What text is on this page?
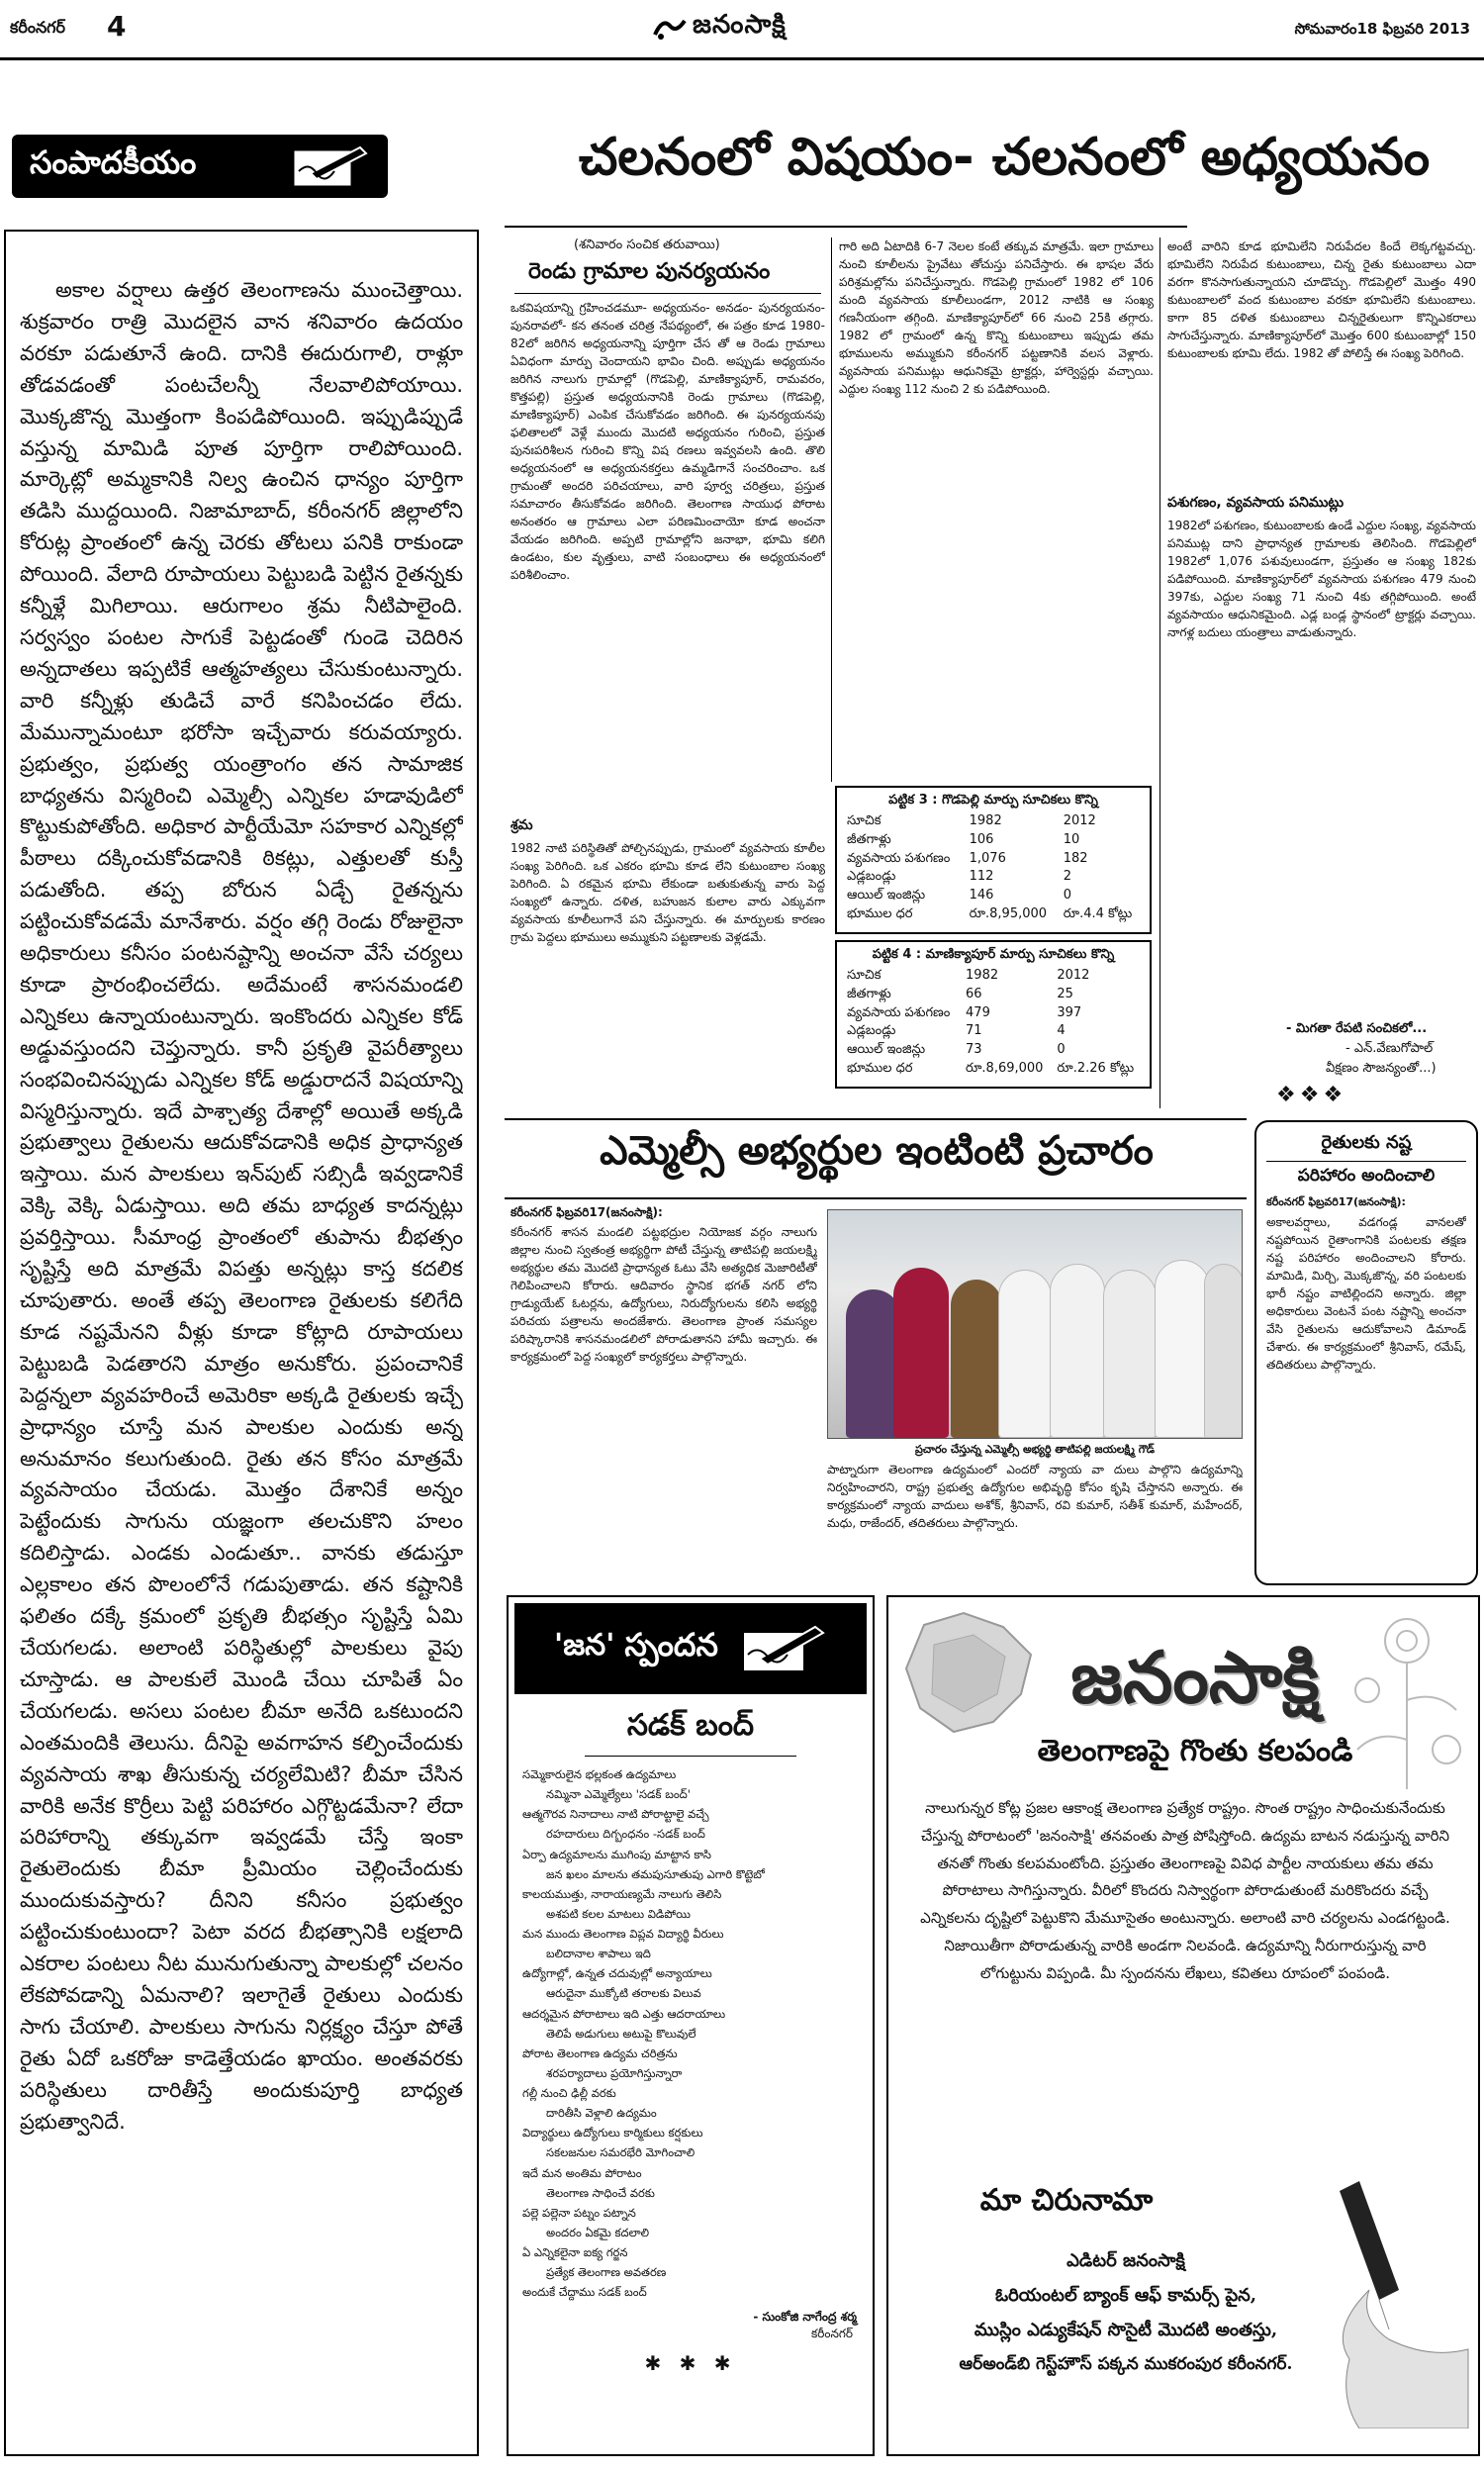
కరీంనగర్ 4	జనంసాక్షి	సోమవారం18 ఫిబ్రవరి 2013
సంపాదకీయం
అకాల వర్షాలు ఉత్తర తెలంగాణను ముంచెత్తాయి. శుక్రవారం రాత్రి మొదలైన వాన శనివారం ఉదయం వరకూ పడుతూనే ఉంది. దానికి ఈదురుగాలి, రాళ్లూ తోడవడంతో పంటచేలన్నీ నేలవాలిపోయాయి. మొక్కజొన్న మొత్తంగా కింపడిపోయింది. ఇప్పుడిప్పుడే వస్తున్న మామిడి పూత పూర్తిగా రాలిపోయింది. మార్కెట్లో అమ్మకానికి నిల్వ ఉంచిన ధాన్యం పూర్తిగా తడిసి ముద్దయింది. నిజామాబాద్‌, కరీంనగర్‌ జిల్లాలోని కోరుట్ల ప్రాంతంలో ఉన్న చెరకు తోటలు పనికి రాకుండా పోయింది. వేలాది రూపాయలు పెట్టుబడి పెట్టిన రైతన్నకు కన్నీళ్లే మిగిలాయి. ఆరుగాలం శ్రమ నీటిపాలైంది. సర్వస్వం పంటల సాగుకే పెట్టడంతో గుండె చెదిరిన అన్నదాతలు ఇప్పటికే ఆత్మహత్యలు చేసుకుంటున్నారు. వారి కన్నీళ్లు తుడిచే వారే కనిపించడం లేదు. మేమున్నామంటూ భరోసా ఇచ్చేవారు కరువయ్యారు. ప్రభుత్వం, ప్రభుత్వ యంత్రాంగం తన సామాజిక బాధ్యతను విస్మరించి ఎమ్మెల్సీ ఎన్నికల హడావుడిలో కొట్టుకుపోతోంది. అధికార పార్టీయేమో సహకార ఎన్నికల్లో పీఠాలు దక్కించుకోవడానికి ఠికట్లు, ఎత్తులతో కుస్తీ పడుతోంది. తప్ప బోరున ఏడ్చే రైతన్నను పట్టించుకోవడమే మానేశారు. వర్షం తగ్గి రెండు రోజులైనా అధికారులు కనీసం పంటనష్టాన్ని అంచనా వేసే చర్యలు కూడా ప్రారంభించలేదు. అదేమంటే శాసనమండలి ఎన్నికలు ఉన్నాయంటున్నారు. ఇంకొందరు ఎన్నికల కోడ్‌ అడ్డువస్తుందని చెప్తున్నారు. కానీ ప్రకృతి వైపరీత్యాలు సంభవించినప్పుడు ఎన్నికల కోడ్‌ అడ్డురాదనే విషయాన్ని విస్మరిస్తున్నారు. ఇదే పాశ్చాత్య దేశాల్లో అయితే అక్కడి ప్రభుత్వాలు రైతులను ఆదుకోవడానికి అధిక ప్రాధాన్యత ఇస్తాయి. మన పాలకులు ఇన్‌పుట్‌ సబ్సిడీ ఇవ్వడానికే వెక్కి వెక్కి ఏడుస్తాయి. అది తమ బాధ్యత కాదన్నట్లు ప్రవర్తిస్తాయి. సీమాంధ్ర ప్రాంతంలో తుపాను బీభత్సం సృష్టిస్తే అది మాత్రమే విపత్తు అన్నట్లు కాస్త కదలిక చూపుతారు. అంతే తప్ప తెలంగాణ రైతులకు కలిగేది కూడ నష్టమేనని వీళ్లు కూడా కోట్లాది రూపాయలు పెట్టుబడి పెడతారని మాత్రం అనుకోరు. ప్రపంచానికే పెద్దన్నలా వ్యవహరించే అమెరికా అక్కడి రైతులకు ఇచ్చే ప్రాధాన్యం చూస్తే మన పాలకుల ఎందుకు అన్న అనుమానం కలుగుతుంది. రైతు తన కోసం మాత్రమే వ్యవసాయం చేయడు. మొత్తం దేశానికే అన్నం పెట్టేందుకు సాగును యజ్ఞంగా తలచుకొని హలం కదిలిస్తాడు. ఎండకు ఎండుతూ.. వానకు తడుస్తూ ఎల్లకాలం తన పొలంలోనే గడుపుతాడు. తన కష్టానికి ఫలితం దక్కే క్రమంలో ప్రకృతి బీభత్సం సృష్టిస్తే ఏమి చేయగలడు. అలాంటి పరిస్థితుల్లో పాలకులు వైపు చూస్తాడు. ఆ పాలకులే మొండి చేయి చూపితే ఏం చేయగలడు. అసలు పంటల బీమా అనేది ఒకటుందని ఎంతమందికి తెలుసు. దీనిపై అవగాహన కల్పించేందుకు వ్యవసాయ శాఖ తీసుకున్న చర్యలేమిటి? బీమా చేసిన వారికి అనేక కొర్రీలు పెట్టి పరిహారం ఎగ్గొట్టడమేనా? లేదా పరిహారాన్ని తక్కువగా ఇవ్వడమే చేస్తే ఇంకా రైతులెందుకు బీమా ప్రీమియం చెల్లించేందుకు ముందుకువస్తారు? దీనిని కనీసం ప్రభుత్వం పట్టించుకుంటుందా? పెటా వరద బీభత్సానికి లక్షలాది ఎకరాల పంటలు నీట మునుగుతున్నా పాలకుల్లో చలనం లేకపోవడాన్ని ఏమనాలి? ఇలాగైతే రైతులు ఎందుకు సాగు చేయాలి. పాలకులు సాగును నిర్లక్ష్యం చేస్తూ పోతే రైతు ఏదో ఒకరోజు కాడెత్తేయడం ఖాయం. అంతవరకు పరిస్థితులు దారితీస్తే అందుకుపూర్తి బాధ్యత ప్రభుత్వానిదే.
చలనంలో విషయం- చలనంలో అధ్యయనం
(శనివారం సంచిక తరువాయి)
రెండు గ్రామాల పునర్యయనం
ఒకవిషయాన్ని గ్రహించడమూ- అధ్యయనం- అనడం- పునర్యయనం- పునరావలో- కన తనంత చరిత్ర నేపథ్యంలో, ఈ పత్రం కూడ 1980-82లో జరిగిన అధ్యయనాన్ని పూర్తిగా చేస తో ఆ రెండు గ్రామాలు ఏవిధంగా మార్పు చెందాయని భావిం చింది. అప్పుడు అధ్యయనం జరిగిన నాలుగు గ్రామాల్లో (గొడపెల్లి, మాణిక్యాపూర్‌, రామవరం, కొత్తపల్లి) ప్రస్తుత అధ్యయనానికి రెండు గ్రామాలు (గొడపెల్లి, మాణిక్యాపూర్‌) ఎంపిక చేసుకోవడం జరిగింది. ఈ పునర్యయనపు ఫలితాలలో వెళ్లే ముందు మొదటి అధ్యయనం గురించి, ప్రస్తుత పునఃపరిశీలన గురించి కొన్ని విష రణలు ఇవ్వవలసి ఉంది. తొలి అధ్యయనంలో ఆ అధ్యయనకర్తలు ఉమ్మడిగానే సంచరించాం. ఒక గ్రామంతో అందరి పరిచయాలు, వారి పూర్వ చరిత్రలు, ప్రస్తుత సమాచారం తీసుకోవడం జరిగింది. తెలంగాణ సాయుధ పోరాట అనంతరం ఆ గ్రామాలు ఎలా పరిణమించాయో కూడ అంచనా వేయడం జరిగింది. అప్పటి గ్రామాల్లోని జనాభా, భూమి కలిగి ఉండటం, కుల వృత్తులు, వాటి సంబంధాలు ఈ అధ్యయనంలో పరిశీలించాం.
శ్రమ
1982 నాటి పరిస్థితితో పోల్చినప్పుడు, గ్రామంలో వ్యవసాయ కూలీల సంఖ్య పెరిగింది. ఒక ఎకరం భూమి కూడ లేని కుటుంబాల సంఖ్య పెరిగింది. ఏ రకమైన భూమి లేకుండా బతుకుతున్న వారు పెద్ద సంఖ్యలో ఉన్నారు. దళిత, బహుజన కులాల వారు ఎక్కువగా వ్యవసాయ కూలీలుగానే పని చేస్తున్నారు. ఈ మార్పులకు కారణం గ్రామ పెద్దలు భూములు అమ్ముకుని పట్టణాలకు వెళ్లడమే.
గారి అది ఏటాదికి 6-7 నెలల కంటే తక్కువ మాత్రమే. ఇలా గ్రామాలు నుంచి కూలీలను ప్రైవేటు తోచుస్తు పనిచేస్తారు. ఈ భాషల వేరు పరిశ్రమల్లోను పనిచేస్తున్నారు. గొడపెల్లి గ్రామంలో 1982 లో 106 మంది వ్యవసాయ కూలీలుండగా, 2012 నాటికి ఆ సంఖ్య గణనీయంగా తగ్గింది. మాణిక్యాపూర్‌లో 66 నుంచి 25కి తగ్గారు. 1982 లో గ్రామంలో ఉన్న కొన్ని కుటుంబాలు ఇప్పుడు తమ భూములను అమ్ముకుని కరీంనగర్‌ పట్టణానికి వలస వెళ్లారు. వ్యవసాయ పనిముట్లు ఆధునికమై ట్రాక్టర్లు, హార్వెస్టర్లు వచ్చాయి. ఎద్దుల సంఖ్య 112 నుంచి 2 కు పడిపోయింది.
అంటే వారిని కూడ భూమిలేని నిరుపేదల కిందే లెక్కగట్టవచ్చు. భూమిలేని నిరుపేద కుటుంబాలు, చిన్న రైతు కుటుంబాలు ఎదా వరగా కొనసాగుతున్నాయని చూడొచ్చు. గొడపెల్లిలో మొత్తం 490 కుటుంబాలలో వంద కుటుంబాల వరకూ భూమిలేని కుటుంబాలు. కాగా 85 దళిత కుటుంబాలు చిన్నరైతులుగా కొన్నిఎకరాలు సాగుచేస్తున్నారు. మాణిక్యాపూర్‌లో మొత్తం 600 కుటుంబాల్లో 150 కుటుంబాలకు భూమి లేదు. 1982 తో పోలిస్తే ఈ సంఖ్య పెరిగింది.
పశుగణం, వ్యవసాయ పనిముట్లు
1982లో పశుగణం, కుటుంబాలకు ఉండే ఎద్దుల సంఖ్య, వ్యవసాయ పనిముట్ల దాని ప్రాధాన్యత గ్రామాలకు తెలిసింది. గొడపెల్లిలో 1982లో 1,076 పశువులుండగా, ప్రస్తుతం ఆ సంఖ్య 182కు పడిపోయింది. మాణిక్యాపూర్‌లో వ్యవసాయ పశుగణం 479 నుంచి 397కు, ఎద్దుల సంఖ్య 71 నుంచి 4కు తగ్గిపోయింది. అంటే వ్యవసాయం ఆధునికమైంది. ఎడ్ల బండ్ల స్థానంలో ట్రాక్టర్లు వచ్చాయి. నాగళ్ల బదులు యంత్రాలు వాడుతున్నారు.
- మిగతా రేపటి సంచికలో...
- ఎన్‌.వేణుగోపాల్‌
వీక్షణం సౌజన్యంతో...)
❖❖❖
పట్టిక 3 : గొడపెల్లి మార్పు సూచికలు కొన్ని
సూచిక	1982	2012
జీతగాళ్లు	106	10
వ్యవసాయ పశుగణం	1,076	182
ఎడ్లబండ్లు	112	2
ఆయిల్ ఇంజిన్లు	146	0
భూముల ధర	రూ.8,95,000	రూ.4.4 కోట్లు
పట్టిక 4 : మాణిక్యాపూర్‌ మార్పు సూచికలు కొన్ని
సూచిక	1982	2012
జీతగాళ్లు	66	25
వ్యవసాయ పశుగణం	479	397
ఎడ్లబండ్లు	71	4
ఆయిల్ ఇంజిన్లు	73	0
భూముల ధర	రూ.8,69,000	రూ.2.26 కోట్లు
ఎమ్మెల్సీ అభ్యర్థుల ఇంటింటి ప్రచారం
కరీంనగర్‌ ఫిబ్రవరి17(జనంసాక్షి):
కరీంనగర్‌ శాసన మండలి పట్టభద్రుల నియోజక వర్గం నాలుగు జిల్లాల నుంచి స్వతంత్ర అభ్యర్థిగా పోటీ చేస్తున్న తాటిపల్లి జయలక్ష్మి అభ్యర్థుల తమ మొదటి ప్రాధాన్యత ఓటు వేసి అత్యధిక మెజారిటీతో గెలిపించాలని కోరారు. ఆదివారం స్థానిక భగత్‌ నగర్‌ లోని గ్రాడ్యుయేట్‌ ఓటర్లను, ఉద్యోగులు, నిరుద్యోగులను కలిసి అభ్యర్థి పరిచయ పత్రాలను అందజేశారు. తెలంగాణ ప్రాంత సమస్యల పరిష్కారానికి శాసనమండలిలో పోరాడుతానని హామీ ఇచ్చారు. ఈ కార్యక్రమంలో పెద్ద సంఖ్యలో కార్యకర్తలు పాల్గొన్నారు.
ప్రచారం చేస్తున్న ఎమ్మెల్సీ అభ్యర్థి తాటిపల్లి జయలక్ష్మి గౌడ్‌
పాట్నారుగా తెలంగాణ ఉద్యమంలో ఎందరో న్యాయ వా దులు పాల్గొని ఉద్యమాన్ని నిర్వహించారని, రాష్ట్ర ప్రభుత్వ ఉద్యోగుల అభివృద్ధి కోసం కృషి చేస్తానని అన్నారు. ఈ కార్యక్రమంలో న్యాయ వాదులు అశోక్‌, శ్రీనివాస్‌, రవి కుమార్‌, సతీశ్‌ కుమార్‌, మహేందర్‌, మధు, రాజేందర్‌, తదితరులు పాల్గొన్నారు.
రైతులకు నష్ట
పరిహారం అందించాలి
కరీంనగర్‌ ఫిబ్రవరి17(జనంసాక్షి):
అకాలవర్షాలు, వడగండ్ల వానలతో నష్టపోయిన రైతాంగానికి పంటలకు తక్షణ నష్ట పరిహారం అందించాలని కోరారు. మామిడి, మిర్చి, మొక్కజొన్న, వరి పంటలకు భారీ నష్టం వాటిల్లిందని అన్నారు. జిల్లా అధికారులు వెంటనే పంట నష్టాన్ని అంచనా వేసి రైతులను ఆదుకోవాలని డిమాండ్‌ చేశారు. ఈ కార్యక్రమంలో శ్రీనివాస్‌, రమేష్‌, తదితరులు పాల్గొన్నారు.
'జన' స్పందన
సడక్ బంద్
సమ్మెకారులైన భల్లకంత ఉద్యమాలు
నమ్మినా ఎమ్మెల్యేలు 'సడక్‌ బంద్‌'
ఆత్మగౌరవ నినాదాలు నాటి పోరాట్టాలై వచ్చే
రహదారులు దిగ్బంధనం -సడక్‌ బంద్‌
ఏర్పా ఉద్యమాలను ముగింపు మాట్టాన కాసి
జన ఖలం మాలను తమపుసూతుపు ఎగారి కొట్టెబో
కాలయముత్తు, నారాయణ్యమే నాలుగు తెలిసి
అశపటి కలల మాటలు విడిపోయి
మన ముందు తెలంగాణ విప్లవ విద్యార్థి వీరులు
బలిదానాల శాపాలు ఇది
ఉద్యోగాల్లో, ఉన్నత చదువుల్లో అన్యాయాలు
ఆరుదైనా ముక్కోటి తరాలకు విలువ
ఆదర్శమైన పోరాటాలు ఇది ఎత్తు ఆదరాయాలు
తెలిపే అడుగులు అటుపై కొలువులే
పోరాట తెలంగాణ ఉద్యమ చరిత్రను
శరపర్యాదాలు ప్రయోగిస్తున్నారా
గల్లీ నుంచి ఢిల్లీ వరకు
దారితీసి వెళ్లాలి ఉద్యమం
విద్యార్థులు ఉద్యోగులు కార్మికులు కర్షకులు
సకలజనుల సమరభేరి మోగించాలి
ఇదే మన అంతిమ పోరాటం
తెలంగాణ సాధించే వరకు
పల్లె పల్లెనా పట్నం పట్నాన
అందరం ఏకమై కదలాలి
ఏ ఎన్నికలైనా ఐక్య గర్జన
ప్రత్యేక తెలంగాణ అవతరణ
అందుకే చేద్దాము సడక్‌ బంద్‌
- సుంకోజి నాగేంద్ర శర్మ
కరీంనగర్‌
✱ ✱ ✱
జనంసాక్షి
తెలంగాణపై గొంతు కలపండి
నాలుగున్నర కోట్ల ప్రజల ఆకాంక్ష తెలంగాణ ప్రత్యేక రాష్ట్రం. సొంత రాష్ట్రం సాధించుకునేందుకు చేస్తున్న పోరాటంలో 'జనంసాక్షి' తనవంతు పాత్ర పోషిస్తోంది. ఉద్యమ బాటన నడుస్తున్న వారిని తనతో గొంతు కలపమంటోంది. ప్రస్తుతం తెలంగాణపై వివిధ పార్టీల నాయకులు తమ తమ పోరాటాలు సాగిస్తున్నారు. వీరిలో కొందరు నిస్వార్థంగా పోరాడుతుంటే మరికొందరు వచ్చే ఎన్నికలను దృష్టిలో పెట్టుకొని మేమూసైతం అంటున్నారు. అలాంటి వారి చర్యలను ఎండగట్టండి. నిజాయితీగా పోరాడుతున్న వారికి అండగా నిలవండి. ఉద్యమాన్ని నీరుగారుస్తున్న వారి లోగుట్టును విప్పండి. మీ స్పందనను లేఖలు, కవితలు రూపంలో పంపండి.
మా చిరునామా
ఎడిటర్‌ జనంసాక్షి
ఓరియంటల్‌ బ్యాంక్‌ ఆఫ్‌ కామర్స్‌ పైన,
ముస్లిం ఎడ్యుకేషన్‌ సొసైటీ మొదటి అంతస్తు,
ఆర్‌అండ్‌బి గెస్ట్‌హౌస్‌ పక్కన ముకరంపుర కరీంనగర్‌.
